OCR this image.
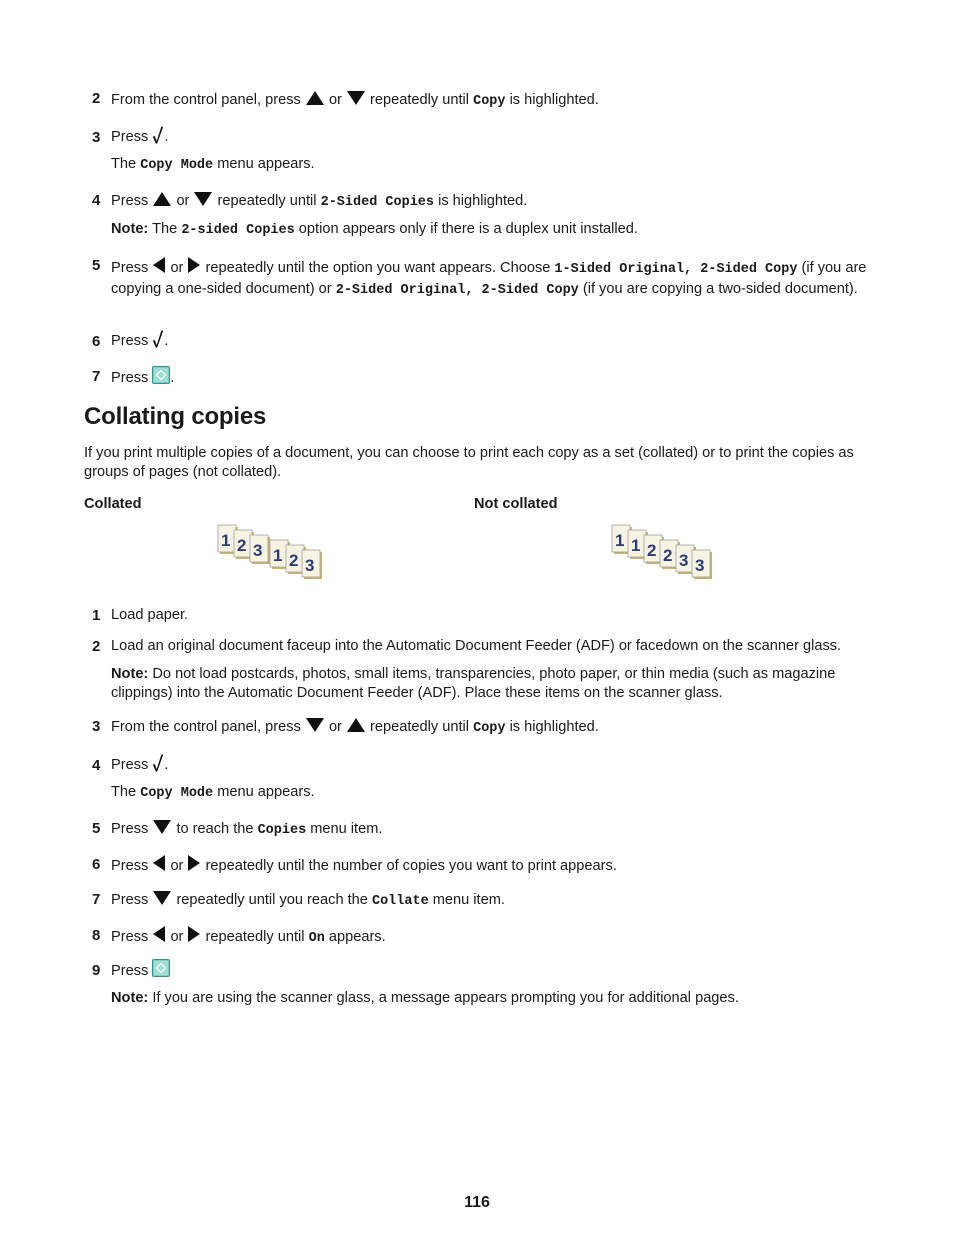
2 From the control panel, press or repeatedly until Copy is highlighted.
3 Press .
The Copy Mode menu appears.
4 Press or repeatedly until 2-Sided Copies is highlighted.
Note: The 2-sided Copies option appears only if there is a duplex unit installed.
5 Press or repeatedly until the option you want appears. Choose 1-Sided Original, 2-Sided Copy (if you are copying a one-sided document) or 2-Sided Original, 2-Sided Copy (if you are copying a two-sided document).
6 Press .
7 Press .
Collating copies
If you print multiple copies of a document, you can choose to print each copy as a set (collated) or to print the copies as groups of pages (not collated).
Collated	Not collated
1 2 3 1 2 3
1 1 2 2 3 3
1 Load paper.
2 Load an original document faceup into the Automatic Document Feeder (ADF) or facedown on the scanner glass.
Note: Do not load postcards, photos, small items, transparencies, photo paper, or thin media (such as magazine clippings) into the Automatic Document Feeder (ADF). Place these items on the scanner glass.
3 From the control panel, press or repeatedly until Copy is highlighted.
4 Press .
The Copy Mode menu appears.
5 Press to reach the Copies menu item.
6 Press or repeatedly until the number of copies you want to print appears.
7 Press repeatedly until you reach the Collate menu item.
8 Press or repeatedly until On appears.
9 Press
Note: If you are using the scanner glass, a message appears prompting you for additional pages.
116
